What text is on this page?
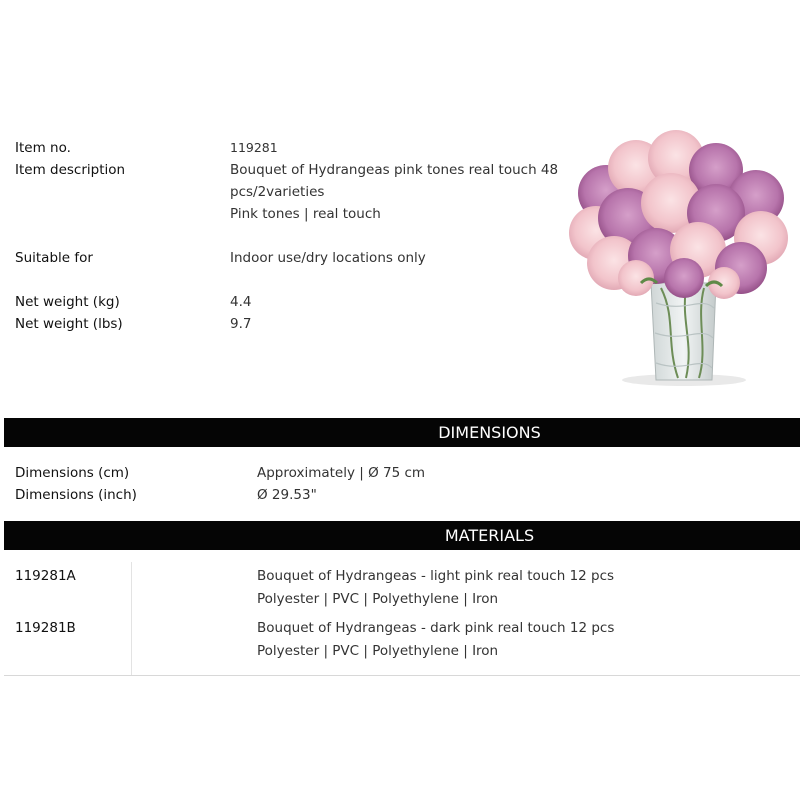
Item no.	119281
Item description	Bouquet of Hydrangeas pink tones real touch 48
pcs/2varieties
Pink tones | real touch
Suitable for	Indoor use/dry locations only
Net weight (kg)	4.4
Net weight (lbs)	9.7
DIMENSIONS
Dimensions (cm)	Approximately | Ø 75 cm
Dimensions (inch)	Ø 29.53"
MATERIALS
119281A	Bouquet of Hydrangeas - light pink real touch 12 pcs
Polyester | PVC | Polyethylene | Iron
119281B	Bouquet of Hydrangeas - dark pink real touch 12 pcs
Polyester | PVC | Polyethylene | Iron
